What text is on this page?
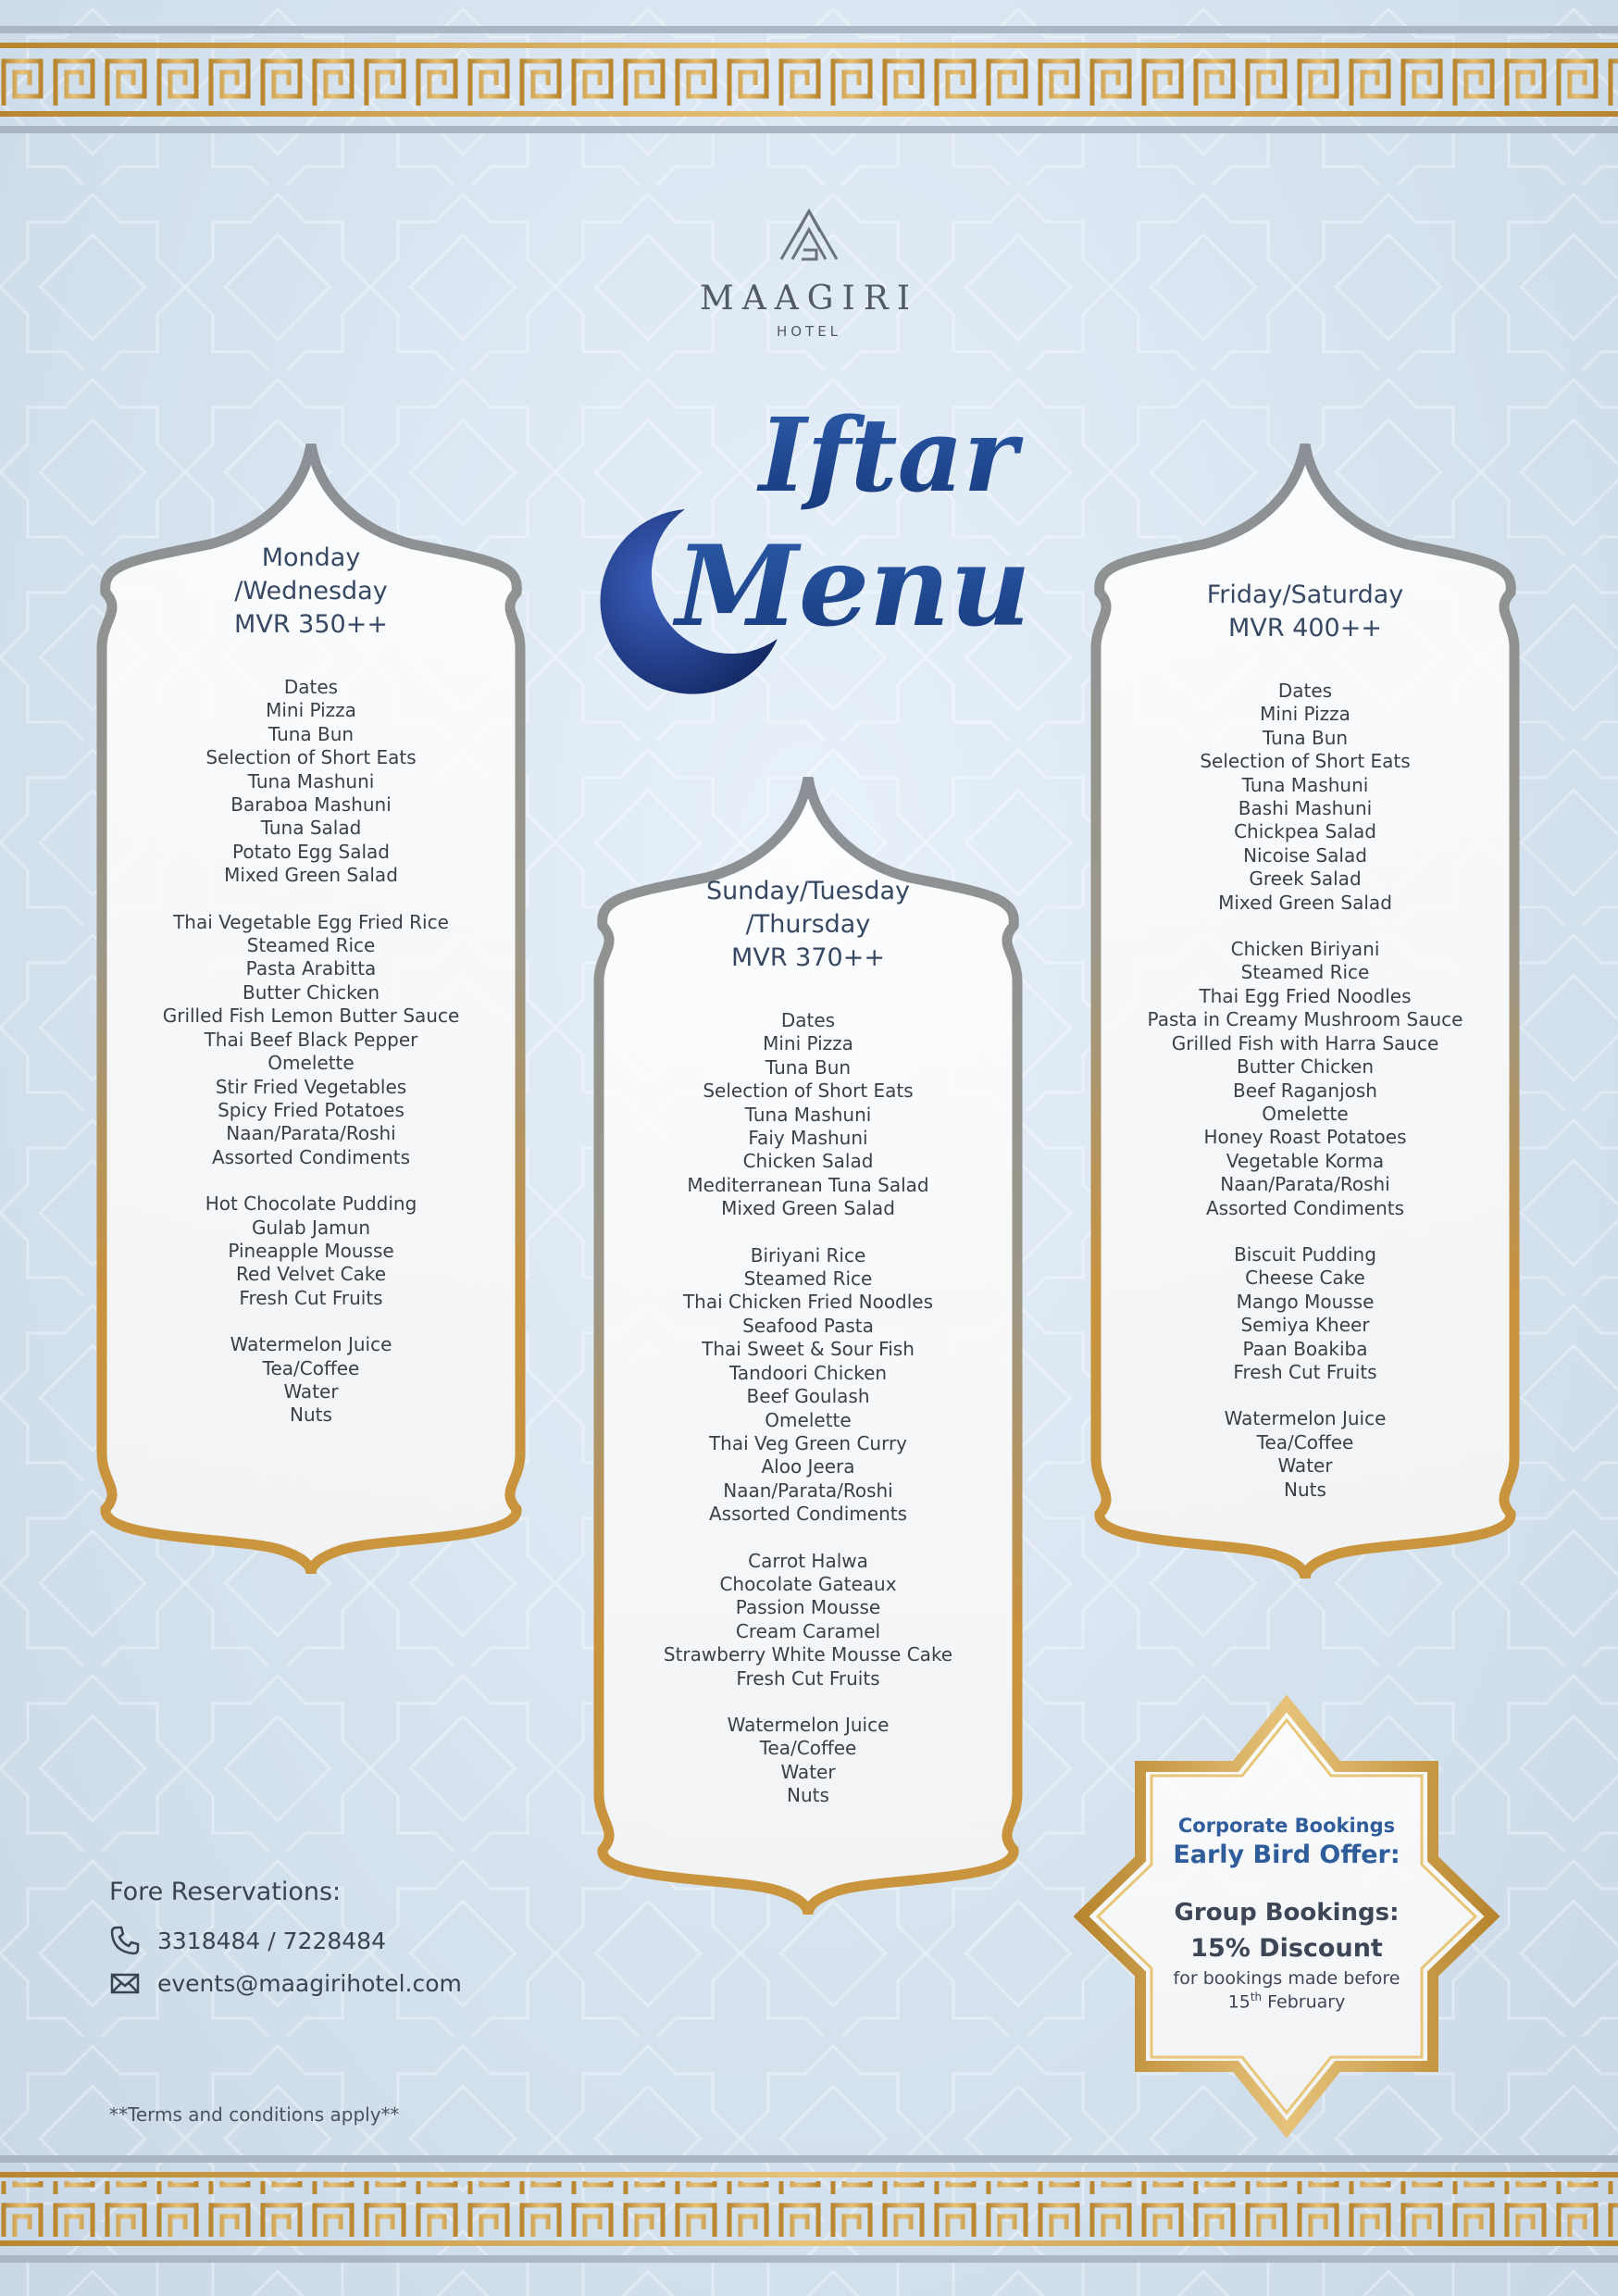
MAAGIRI
HOTEL
Iftar
Menu
Monday
/Wednesday
MVR 350++
Dates
Mini Pizza
Tuna Bun
Selection of Short Eats
Tuna Mashuni
Baraboa Mashuni
Tuna Salad
Potato Egg Salad
Mixed Green Salad
Thai Vegetable Egg Fried Rice
Steamed Rice
Pasta Arabitta
Butter Chicken
Grilled Fish Lemon Butter Sauce
Thai Beef Black Pepper
Omelette
Stir Fried Vegetables
Spicy Fried Potatoes
Naan/Parata/Roshi
Assorted Condiments
Hot Chocolate Pudding
Gulab Jamun
Pineapple Mousse
Red Velvet Cake
Fresh Cut Fruits
Watermelon Juice
Tea/Coffee
Water
Nuts
Sunday/Tuesday
/Thursday
MVR 370++
Dates
Mini Pizza
Tuna Bun
Selection of Short Eats
Tuna Mashuni
Faiy Mashuni
Chicken Salad
Mediterranean Tuna Salad
Mixed Green Salad
Biriyani Rice
Steamed Rice
Thai Chicken Fried Noodles
Seafood Pasta
Thai Sweet & Sour Fish
Tandoori Chicken
Beef Goulash
Omelette
Thai Veg Green Curry
Aloo Jeera
Naan/Parata/Roshi
Assorted Condiments
Carrot Halwa
Chocolate Gateaux
Passion Mousse
Cream Caramel
Strawberry White Mousse Cake
Fresh Cut Fruits
Watermelon Juice
Tea/Coffee
Water
Nuts
Friday/Saturday
MVR 400++
Dates
Mini Pizza
Tuna Bun
Selection of Short Eats
Tuna Mashuni
Bashi Mashuni
Chickpea Salad
Nicoise Salad
Greek Salad
Mixed Green Salad
Chicken Biriyani
Steamed Rice
Thai Egg Fried Noodles
Pasta in Creamy Mushroom Sauce
Grilled Fish with Harra Sauce
Butter Chicken
Beef Raganjosh
Omelette
Honey Roast Potatoes
Vegetable Korma
Naan/Parata/Roshi
Assorted Condiments
Biscuit Pudding
Cheese Cake
Mango Mousse
Semiya Kheer
Paan Boakiba
Fresh Cut Fruits
Watermelon Juice
Tea/Coffee
Water
Nuts
Fore Reservations:
3318484 / 7228484
events@maagirihotel.com
**Terms and conditions apply**
Corporate Bookings
Early Bird Offer:
Group Bookings:
15% Discount
for bookings made before
15th February
